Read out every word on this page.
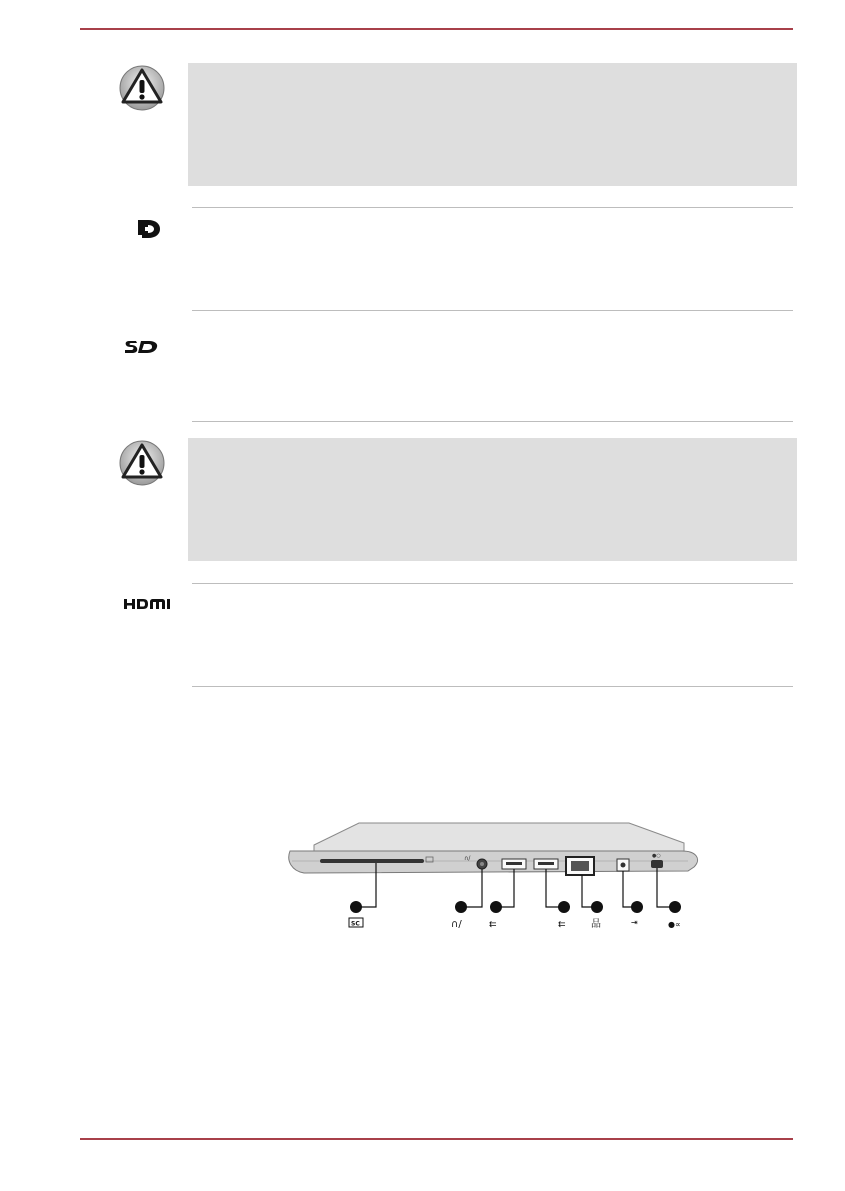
∩/	●○
SC	∩/	⇇	⇇	品	⇥	●∝
